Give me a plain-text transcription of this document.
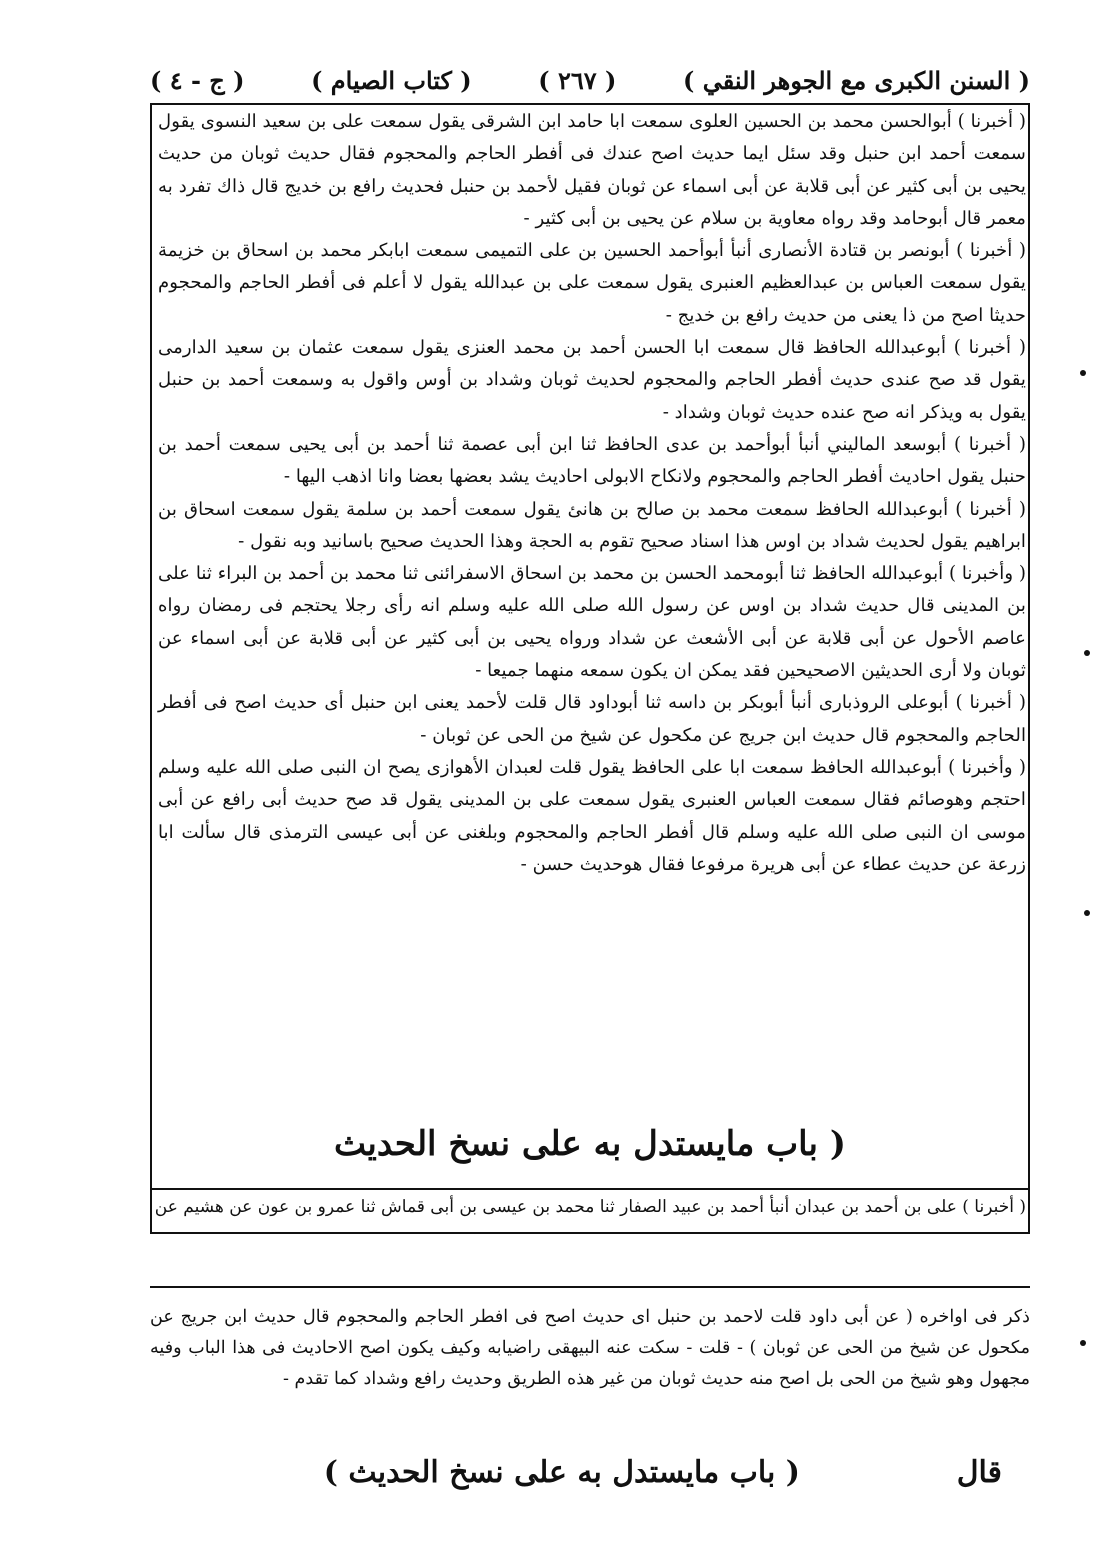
( السنن الكبرى مع الجوهر النقي )
( ٢٦٧ )
( كتاب الصيام )
( ج - ٤ )

( أخبرنا ) أبوالحسن محمد بن الحسين العلوى سمعت ابا حامد ابن الشرقى يقول سمعت على بن سعيد النسوى يقول سمعت أحمد ابن حنبل وقد سئل ايما حديث اصح عندك فى أفطر الحاجم والمحجوم فقال حديث ثوبان من حديث يحيى بن أبى كثير عن أبى قلابة عن أبى اسماء عن ثوبان فقيل لأحمد بن حنبل فحديث رافع بن خديج قال ذاك تفرد به معمر قال أبوحامد وقد رواه معاوية بن سلام عن يحيى بن أبى كثير -

( أخبرنا ) أبونصر بن قتادة الأنصارى أنبأ أبوأحمد الحسين بن على التميمى سمعت ابابكر محمد بن اسحاق بن خزيمة يقول سمعت العباس بن عبدالعظيم العنبرى يقول سمعت على بن عبدالله يقول لا أعلم فى أفطر الحاجم والمحجوم حديثا اصح من ذا يعنى من حديث رافع بن خديج -

( أخبرنا ) أبوعبدالله الحافظ قال سمعت ابا الحسن أحمد بن محمد العنزى يقول سمعت عثمان بن سعيد الدارمى يقول قد صح عندى حديث أفطر الحاجم والمحجوم لحديث ثوبان وشداد بن أوس واقول به وسمعت أحمد بن حنبل يقول به ويذكر انه صح عنده حديث ثوبان وشداد -

( أخبرنا ) أبوسعد الماليني أنبأ أبوأحمد بن عدى الحافظ ثنا ابن أبى عصمة ثنا أحمد بن أبى يحيى سمعت أحمد بن حنبل يقول احاديث أفطر الحاجم والمحجوم ولانكاح الابولى احاديث يشد بعضها بعضا وانا اذهب اليها -

( أخبرنا ) أبوعبدالله الحافظ سمعت محمد بن صالح بن هانئ يقول سمعت أحمد بن سلمة يقول سمعت اسحاق بن ابراهيم يقول لحديث شداد بن اوس هذا اسناد صحيح تقوم به الحجة وهذا الحديث صحيح باسانيد وبه نقول -

( وأخبرنا ) أبوعبدالله الحافظ ثنا أبومحمد الحسن بن محمد بن اسحاق الاسفرائنى ثنا محمد بن أحمد بن البراء ثنا على بن المدينى قال حديث شداد بن اوس عن رسول الله صلى الله عليه وسلم انه رأى رجلا يحتجم فى رمضان رواه عاصم الأحول عن أبى قلابة عن أبى الأشعث عن شداد ورواه يحيى بن أبى كثير عن أبى قلابة عن أبى اسماء عن ثوبان ولا أرى الحديثين الاصحيحين فقد يمكن ان يكون سمعه منهما جميعا -

( أخبرنا ) أبوعلى الروذبارى أنبأ أبوبكر بن داسه ثنا أبوداود قال قلت لأحمد يعنى ابن حنبل أى حديث اصح فى أفطر الحاجم والمحجوم قال حديث ابن جريج عن مكحول عن شيخ من الحى عن ثوبان -

( وأخبرنا ) أبوعبدالله الحافظ سمعت ابا على الحافظ يقول قلت لعبدان الأهوازى يصح ان النبى صلى الله عليه وسلم احتجم وهوصائم فقال سمعت العباس العنبرى يقول سمعت على بن المدينى يقول قد صح حديث أبى رافع عن أبى موسى ان النبى صلى الله عليه وسلم قال أفطر الحاجم والمحجوم وبلغنى عن أبى عيسى الترمذى قال سألت ابا زرعة عن حديث عطاء عن أبى هريرة مرفوعا فقال هوحديث حسن -

( باب مايستدل به على نسخ الحديث
( أخبرنا ) على بن أحمد بن عبدان أنبأ أحمد بن عبيد الصفار ثنا محمد بن عيسى بن أبى قماش ثنا عمرو بن عون عن هشيم عن

ذكر فى اواخره ( عن أبى داود قلت لاحمد بن حنبل اى حديث اصح فى افطر الحاجم والمحجوم قال حديث ابن جريج عن مكحول عن شيخ من الحى عن ثوبان ) - قلت - سكت عنه البيهقى راضيابه وكيف يكون اصح الاحاديث فى هذا الباب وفيه مجهول وهو شيخ من الحى بل اصح منه حديث ثوبان من غير هذه الطريق وحديث رافع وشداد كما تقدم -

قال
( باب مايستدل به على نسخ الحديث )
